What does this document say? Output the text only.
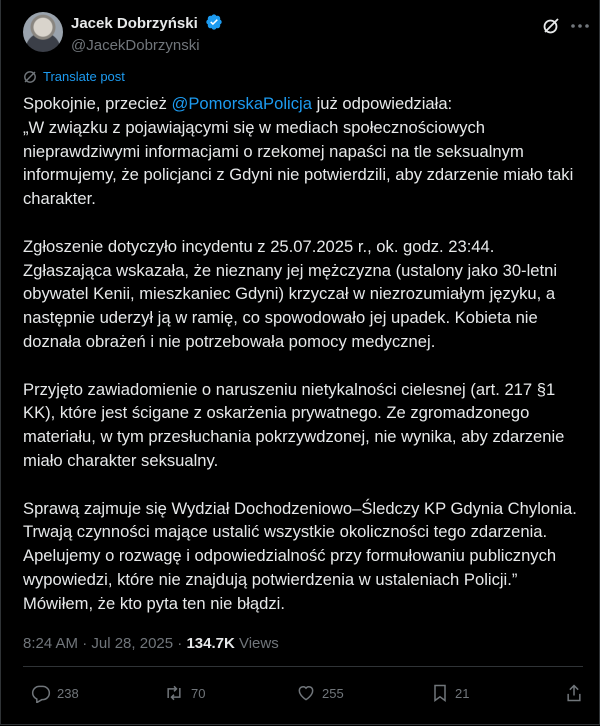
Jacek Dobrzyński
@JacekDobrzynski
Translate post
Spokojnie, przecież @PomorskaPolicja już odpowiedziała:
„W związku z pojawiającymi się w mediach społecznościowych nieprawdziwymi informacjami o rzekomej napaści na tle seksualnym informujemy, że policjanci z Gdyni nie potwierdzili, aby zdarzenie miało taki charakter.

Zgłoszenie dotyczyło incydentu z 25.07.2025 r., ok. godz. 23:44. Zgłaszająca wskazała, że nieznany jej mężczyzna (ustalony jako 30-letni obywatel Kenii, mieszkaniec Gdyni) krzyczał w niezrozumiałym języku, a następnie uderzył ją w ramię, co spowodowało jej upadek. Kobieta nie doznała obrażeń i nie potrzebowała pomocy medycznej.

Przyjęto zawiadomienie o naruszeniu nietykalności cielesnej (art. 217 §1 KK), które jest ścigane z oskarżenia prywatnego. Ze zgromadzonego materiału, w tym przesłuchania pokrzywdzonej, nie wynika, aby zdarzenie miało charakter seksualny.

Sprawą zajmuje się Wydział Dochodzeniowo–Śledczy KP Gdynia Chylonia. Trwają czynności mające ustalić wszystkie okoliczności tego zdarzenia. Apelujemy o rozwagę i odpowiedzialność przy formułowaniu publicznych wypowiedzi, które nie znajdują potwierdzenia w ustaleniach Policji.” Mówiłem, że kto pyta ten nie błądzi.
8:24 AM · Jul 28, 2025 · 134.7K Views
238	70	255	21
